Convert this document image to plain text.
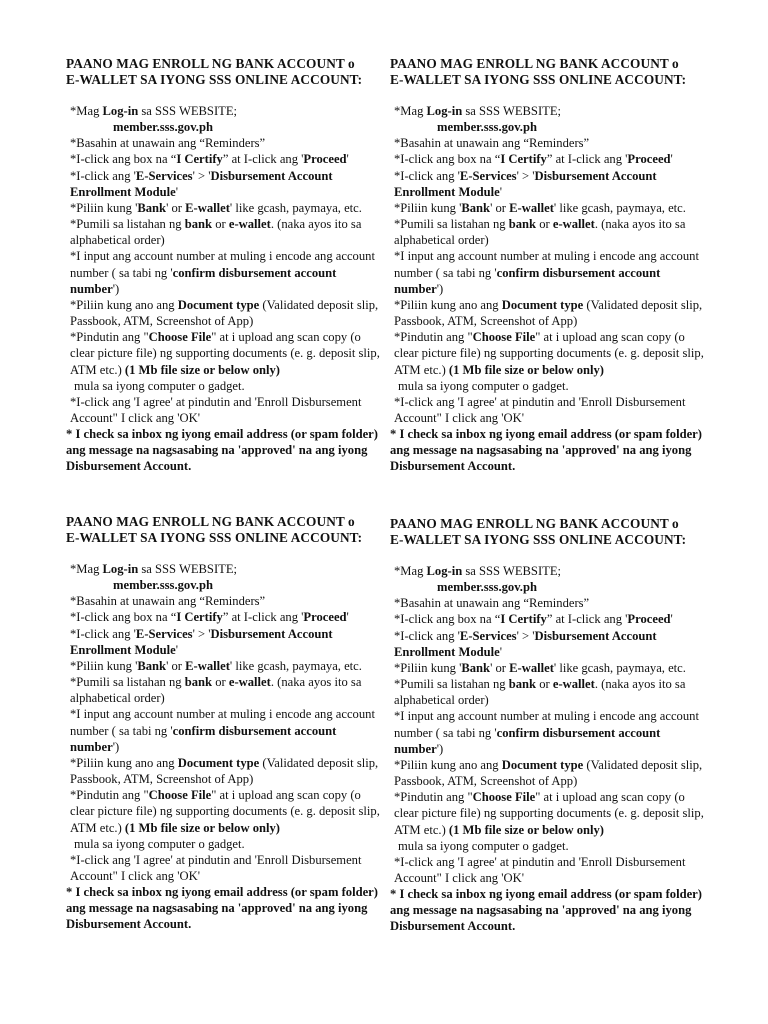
PAANO MAG ENROLL NG BANK ACCOUNT o
E-WALLET SA IYONG SSS ONLINE ACCOUNT:

*Mag Log-in sa SSS WEBSITE;

member.sss.gov.ph

*Basahin at unawain ang “Reminders”

*I-click ang box na “I Certify” at I-click ang 'Proceed'

*I-click ang 'E-Services' > 'Disbursement Account Enrollment Module'

*Piliin kung 'Bank' or E-wallet' like gcash, paymaya, etc.

*Pumili sa listahan ng bank or e-wallet. (naka ayos ito sa alphabetical order)

*I input ang account number at muling i encode ang account number ( sa tabi ng 'confirm disbursement account number')

*Piliin kung ano ang Document type (Validated deposit slip, Passbook, ATM, Screenshot of App)

*Pindutin ang "Choose File" at i upload ang scan copy (o clear picture file) ng supporting documents (e. g. deposit slip, ATM etc.) (1 Mb file size or below only)

mula sa iyong computer o gadget.

*I-click ang 'I agree' at pindutin and 'Enroll Disbursement Account" I click ang 'OK'

* I check sa inbox ng iyong email address (or spam folder) ang message na nagsasabing na 'approved' na ang iyong Disbursement Account.

PAANO MAG ENROLL NG BANK ACCOUNT o
E-WALLET SA IYONG SSS ONLINE ACCOUNT:

*Mag Log-in sa SSS WEBSITE;

member.sss.gov.ph

*Basahin at unawain ang “Reminders”

*I-click ang box na “I Certify” at I-click ang 'Proceed'

*I-click ang 'E-Services' > 'Disbursement Account Enrollment Module'

*Piliin kung 'Bank' or E-wallet' like gcash, paymaya, etc.

*Pumili sa listahan ng bank or e-wallet. (naka ayos ito sa alphabetical order)

*I input ang account number at muling i encode ang account number ( sa tabi ng 'confirm disbursement account number')

*Piliin kung ano ang Document type (Validated deposit slip, Passbook, ATM, Screenshot of App)

*Pindutin ang "Choose File" at i upload ang scan copy (o clear picture file) ng supporting documents (e. g. deposit slip, ATM etc.) (1 Mb file size or below only)

mula sa iyong computer o gadget.

*I-click ang 'I agree' at pindutin and 'Enroll Disbursement Account" I click ang 'OK'

* I check sa inbox ng iyong email address (or spam folder) ang message na nagsasabing na 'approved' na ang iyong Disbursement Account.

PAANO MAG ENROLL NG BANK ACCOUNT o
E-WALLET SA IYONG SSS ONLINE ACCOUNT:

*Mag Log-in sa SSS WEBSITE;

member.sss.gov.ph

*Basahin at unawain ang “Reminders”

*I-click ang box na “I Certify” at I-click ang 'Proceed'

*I-click ang 'E-Services' > 'Disbursement Account Enrollment Module'

*Piliin kung 'Bank' or E-wallet' like gcash, paymaya, etc.

*Pumili sa listahan ng bank or e-wallet. (naka ayos ito sa alphabetical order)

*I input ang account number at muling i encode ang account number ( sa tabi ng 'confirm disbursement account number')

*Piliin kung ano ang Document type (Validated deposit slip, Passbook, ATM, Screenshot of App)

*Pindutin ang "Choose File" at i upload ang scan copy (o clear picture file) ng supporting documents (e. g. deposit slip, ATM etc.) (1 Mb file size or below only)

mula sa iyong computer o gadget.

*I-click ang 'I agree' at pindutin and 'Enroll Disbursement Account" I click ang 'OK'

* I check sa inbox ng iyong email address (or spam folder) ang message na nagsasabing na 'approved' na ang iyong Disbursement Account.

PAANO MAG ENROLL NG BANK ACCOUNT o
E-WALLET SA IYONG SSS ONLINE ACCOUNT:

*Mag Log-in sa SSS WEBSITE;

member.sss.gov.ph

*Basahin at unawain ang “Reminders”

*I-click ang box na “I Certify” at I-click ang 'Proceed'

*I-click ang 'E-Services' > 'Disbursement Account Enrollment Module'

*Piliin kung 'Bank' or E-wallet' like gcash, paymaya, etc.

*Pumili sa listahan ng bank or e-wallet. (naka ayos ito sa alphabetical order)

*I input ang account number at muling i encode ang account number ( sa tabi ng 'confirm disbursement account number')

*Piliin kung ano ang Document type (Validated deposit slip, Passbook, ATM, Screenshot of App)

*Pindutin ang "Choose File" at i upload ang scan copy (o clear picture file) ng supporting documents (e. g. deposit slip, ATM etc.) (1 Mb file size or below only)

mula sa iyong computer o gadget.

*I-click ang 'I agree' at pindutin and 'Enroll Disbursement Account" I click ang 'OK'

* I check sa inbox ng iyong email address (or spam folder) ang message na nagsasabing na 'approved' na ang iyong Disbursement Account.
